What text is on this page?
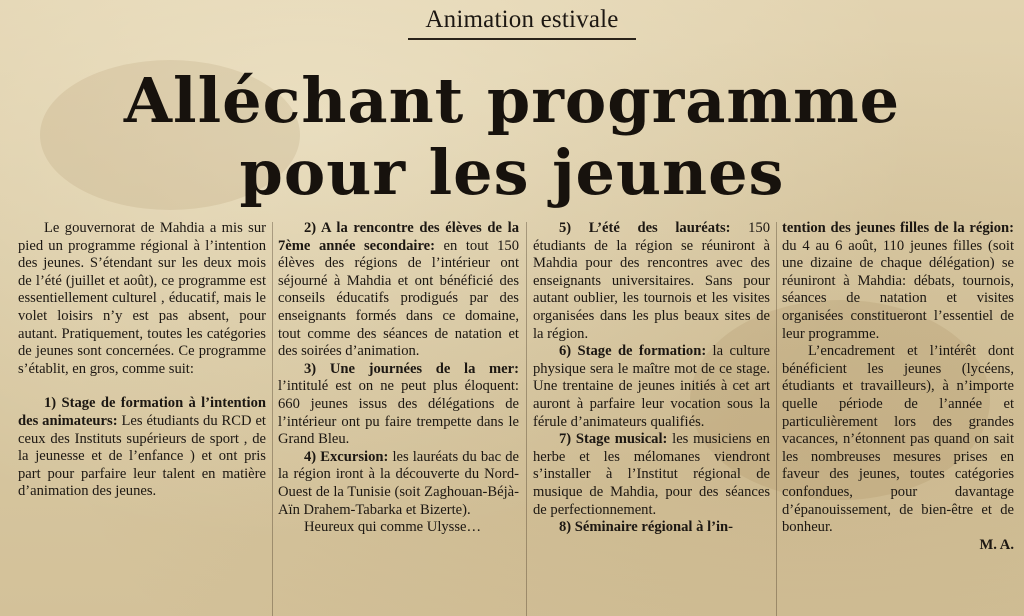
Animation estivale
Alléchant programme
pour les jeunes

Le gouvernorat de Mahdia a mis sur pied un programme régional à l’intention des jeunes. S’étendant sur les deux mois de l’été (juillet et août), ce programme est essentiellement culturel , éducatif, mais le volet loisirs n’y est pas absent, pour autant. Pratiquement, toutes les catégories de jeunes sont concernées. Ce programme s’établit, en gros, comme suit:

1) Stage de formation à l’intention des animateurs: Les étudiants du RCD et ceux des Instituts supérieurs de sport , de la jeunesse et de l’enfance ) et ont pris part pour parfaire leur talent en matière d’animation des jeunes.

2) A la rencontre des élèves de la 7ème année secondaire: en tout 150 élèves des régions de l’intérieur ont séjourné à Mahdia et ont bénéficié des conseils éducatifs prodigués par des enseignants formés dans ce domaine, tout comme des séances de natation et des soirées d’animation.

3) Une journées de la mer: l’intitulé est on ne peut plus éloquent: 660 jeunes issus des délégations de l’intérieur ont pu faire trempette dans le Grand Bleu.

4) Excursion: les lauréats du bac de la région iront à la découverte du Nord-Ouest de la Tunisie (soit Zaghouan-Béjà-Aïn Drahem-Tabarka et Bizerte).

Heureux qui comme Ulysse…

5) L’été des lauréats: 150 étudiants de la région se réuniront à Mahdia pour des rencontres avec des enseignants universitaires. Sans pour autant oublier, les tournois et les visites organisées dans les plus beaux sites de la région.

6) Stage de formation: la culture physique sera le maître mot de ce stage. Une trentaine de jeunes initiés à cet art auront à parfaire leur vocation sous la férule d’animateurs qualifiés.

7) Stage musical: les musiciens en herbe et les mélomanes viendront s’installer à l’Institut régional de musique de Mahdia, pour des séances de perfectionnement.

8) Séminaire régional à l’in-

tention des jeunes filles de la région: du 4 au 6 août, 110 jeunes filles (soit une dizaine de chaque délégation) se réuniront à Mahdia: débats, tournois, séances de natation et visites organisées constitueront l’essentiel de leur programme.

L’encadrement et l’intérêt dont bénéficient les jeunes (lycéens, étudiants et travailleurs), à n’importe quelle période de l’année et particulièrement lors des grandes vacances, n’étonnent pas quand on sait les nombreuses mesures prises en faveur des jeunes, toutes catégories confondues, pour davantage d’épanouissement, de bien-être et de bonheur.

M. A.
